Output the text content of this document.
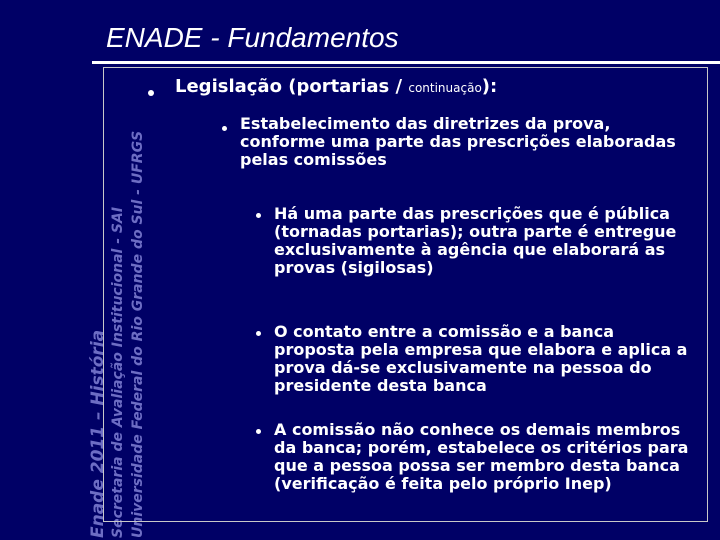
Enade 2011 – História Secretaria de Avaliação Institucional - SAI Universidade Federal do Rio Grande do Sul - UFRGS
ENADE - Fundamentos
Legislação (portarias / continuação):
Estabelecimento das diretrizes da prova, conforme uma parte das prescrições elaboradas pelas comissões
Há uma parte das prescrições que é pública (tornadas portarias); outra parte é entregue exclusivamente à agência que elaborará as provas (sigilosas)
O contato entre a comissão e a banca proposta pela empresa que elabora e aplica a prova dá-se exclusivamente na pessoa do presidente desta banca
A comissão não conhece os demais membros da banca; porém, estabelece os critérios para que a pessoa possa ser membro desta banca (verificação é feita pelo próprio Inep)
